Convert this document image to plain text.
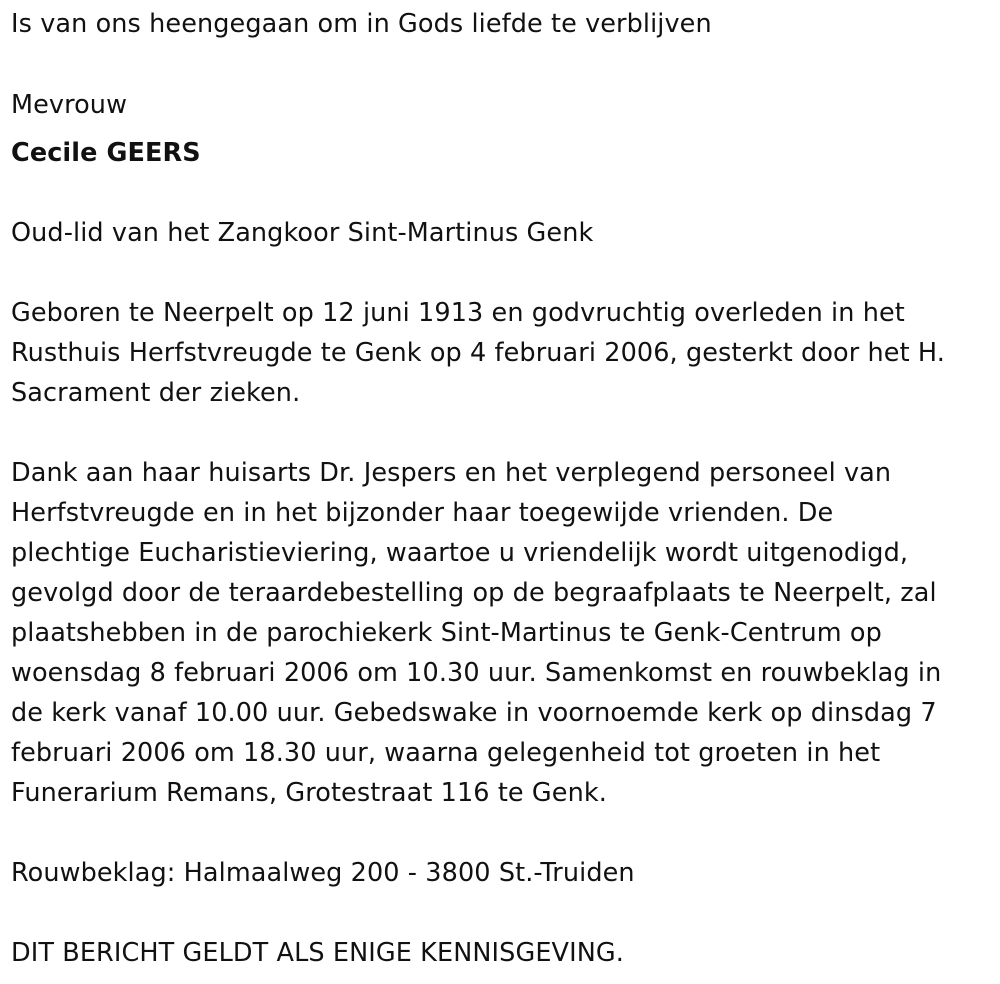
Is van ons heengegaan om in Gods liefde te verblijven
Mevrouw
Cecile GEERS
Oud-lid van het Zangkoor Sint-Martinus Genk
Geboren te Neerpelt op 12 juni 1913 en godvruchtig overleden in het
Rusthuis Herfstvreugde te Genk op 4 februari 2006, gesterkt door het H.
Sacrament der zieken.
Dank aan haar huisarts Dr. Jespers en het verplegend personeel van
Herfstvreugde en in het bijzonder haar toegewijde vrienden. De
plechtige Eucharistieviering, waartoe u vriendelijk wordt uitgenodigd,
gevolgd door de teraardebestelling op de begraafplaats te Neerpelt, zal
plaatshebben in de parochiekerk Sint-Martinus te Genk-Centrum op
woensdag 8 februari 2006 om 10.30 uur. Samenkomst en rouwbeklag in
de kerk vanaf 10.00 uur. Gebedswake in voornoemde kerk op dinsdag 7
februari 2006 om 18.30 uur, waarna gelegenheid tot groeten in het
Funerarium Remans, Grotestraat 116 te Genk.
Rouwbeklag: Halmaalweg 200 - 3800 St.-Truiden
DIT BERICHT GELDT ALS ENIGE KENNISGEVING.
